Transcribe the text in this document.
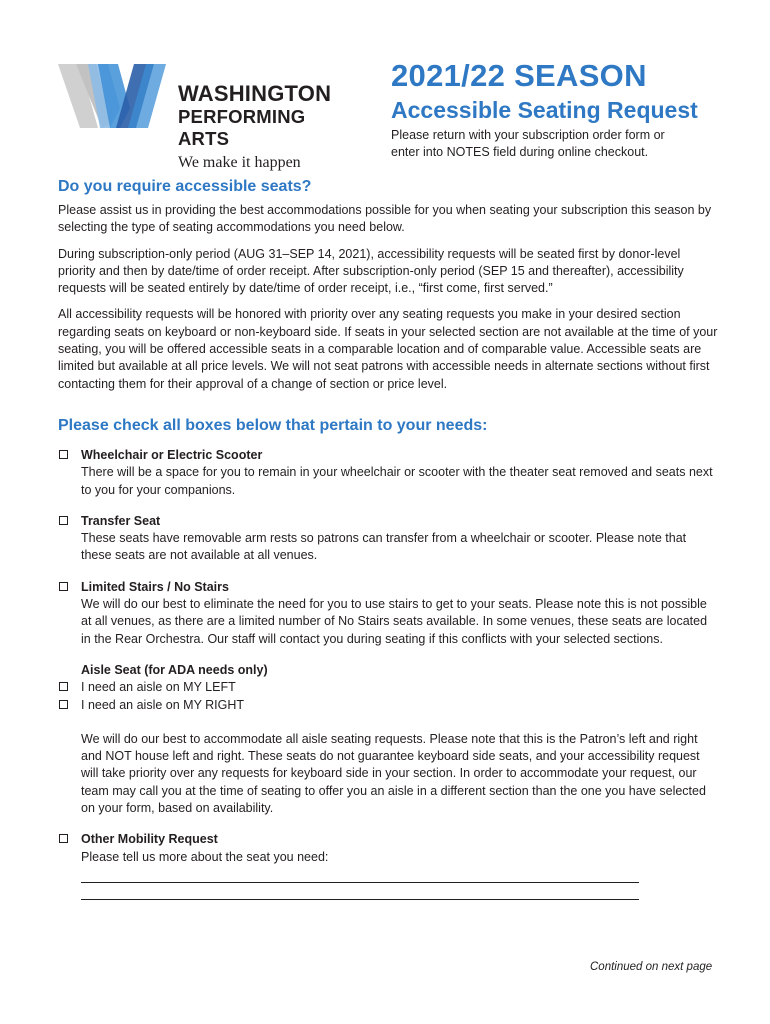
WASHINGTON
PERFORMING ARTS
We make it happen
2021/22 SEASON
Accessible Seating Request
Please return with your subscription order form or
enter into NOTES field during online checkout.
Do you require accessible seats?

Please assist us in providing the best accommodations possible for you when seating your subscription this season by selecting the type of seating accommodations you need below.

During subscription-only period (AUG 31–SEP 14, 2021), accessibility requests will be seated first by donor-level priority and then by date/time of order receipt. After subscription-only period (SEP 15 and thereafter), accessibility requests will be seated entirely by date/time of order receipt, i.e., “first come, first served.”

All accessibility requests will be honored with priority over any seating requests you make in your desired section regarding seats on keyboard or non-keyboard side. If seats in your selected section are not available at the time of your seating, you will be offered accessible seats in a comparable location and of comparable value. Accessible seats are limited but available at all price levels. We will not seat patrons with accessible needs in alternate sections without first contacting them for their approval of a change of section or price level.

Please check all boxes below that pertain to your needs:
Wheelchair or Electric Scooter

There will be a space for you to remain in your wheelchair or scooter with the theater seat removed and seats next to you for your companions.

Transfer Seat

These seats have removable arm rests so patrons can transfer from a wheelchair or scooter. Please note that these seats are not available at all venues.

Limited Stairs / No Stairs

We will do our best to eliminate the need for you to use stairs to get to your seats. Please note this is not possible at all venues, as there are a limited number of No Stairs seats available. In some venues, these seats are located in the Rear Orchestra. Our staff will contact you during seating if this conflicts with your selected sections.

Aisle Seat (for ADA needs only)
I need an aisle on MY LEFT
I need an aisle on MY RIGHT

We will do our best to accommodate all aisle seating requests. Please note that this is the Patron’s left and right and NOT house left and right. These seats do not guarantee keyboard side seats, and your accessibility request will take priority over any requests for keyboard side in your section. In order to accommodate your request, our team may call you at the time of seating to offer you an aisle in a different section than the one you have selected on your form, based on availability.

Other Mobility Request

Please tell us more about the seat you need:

Continued on next page
